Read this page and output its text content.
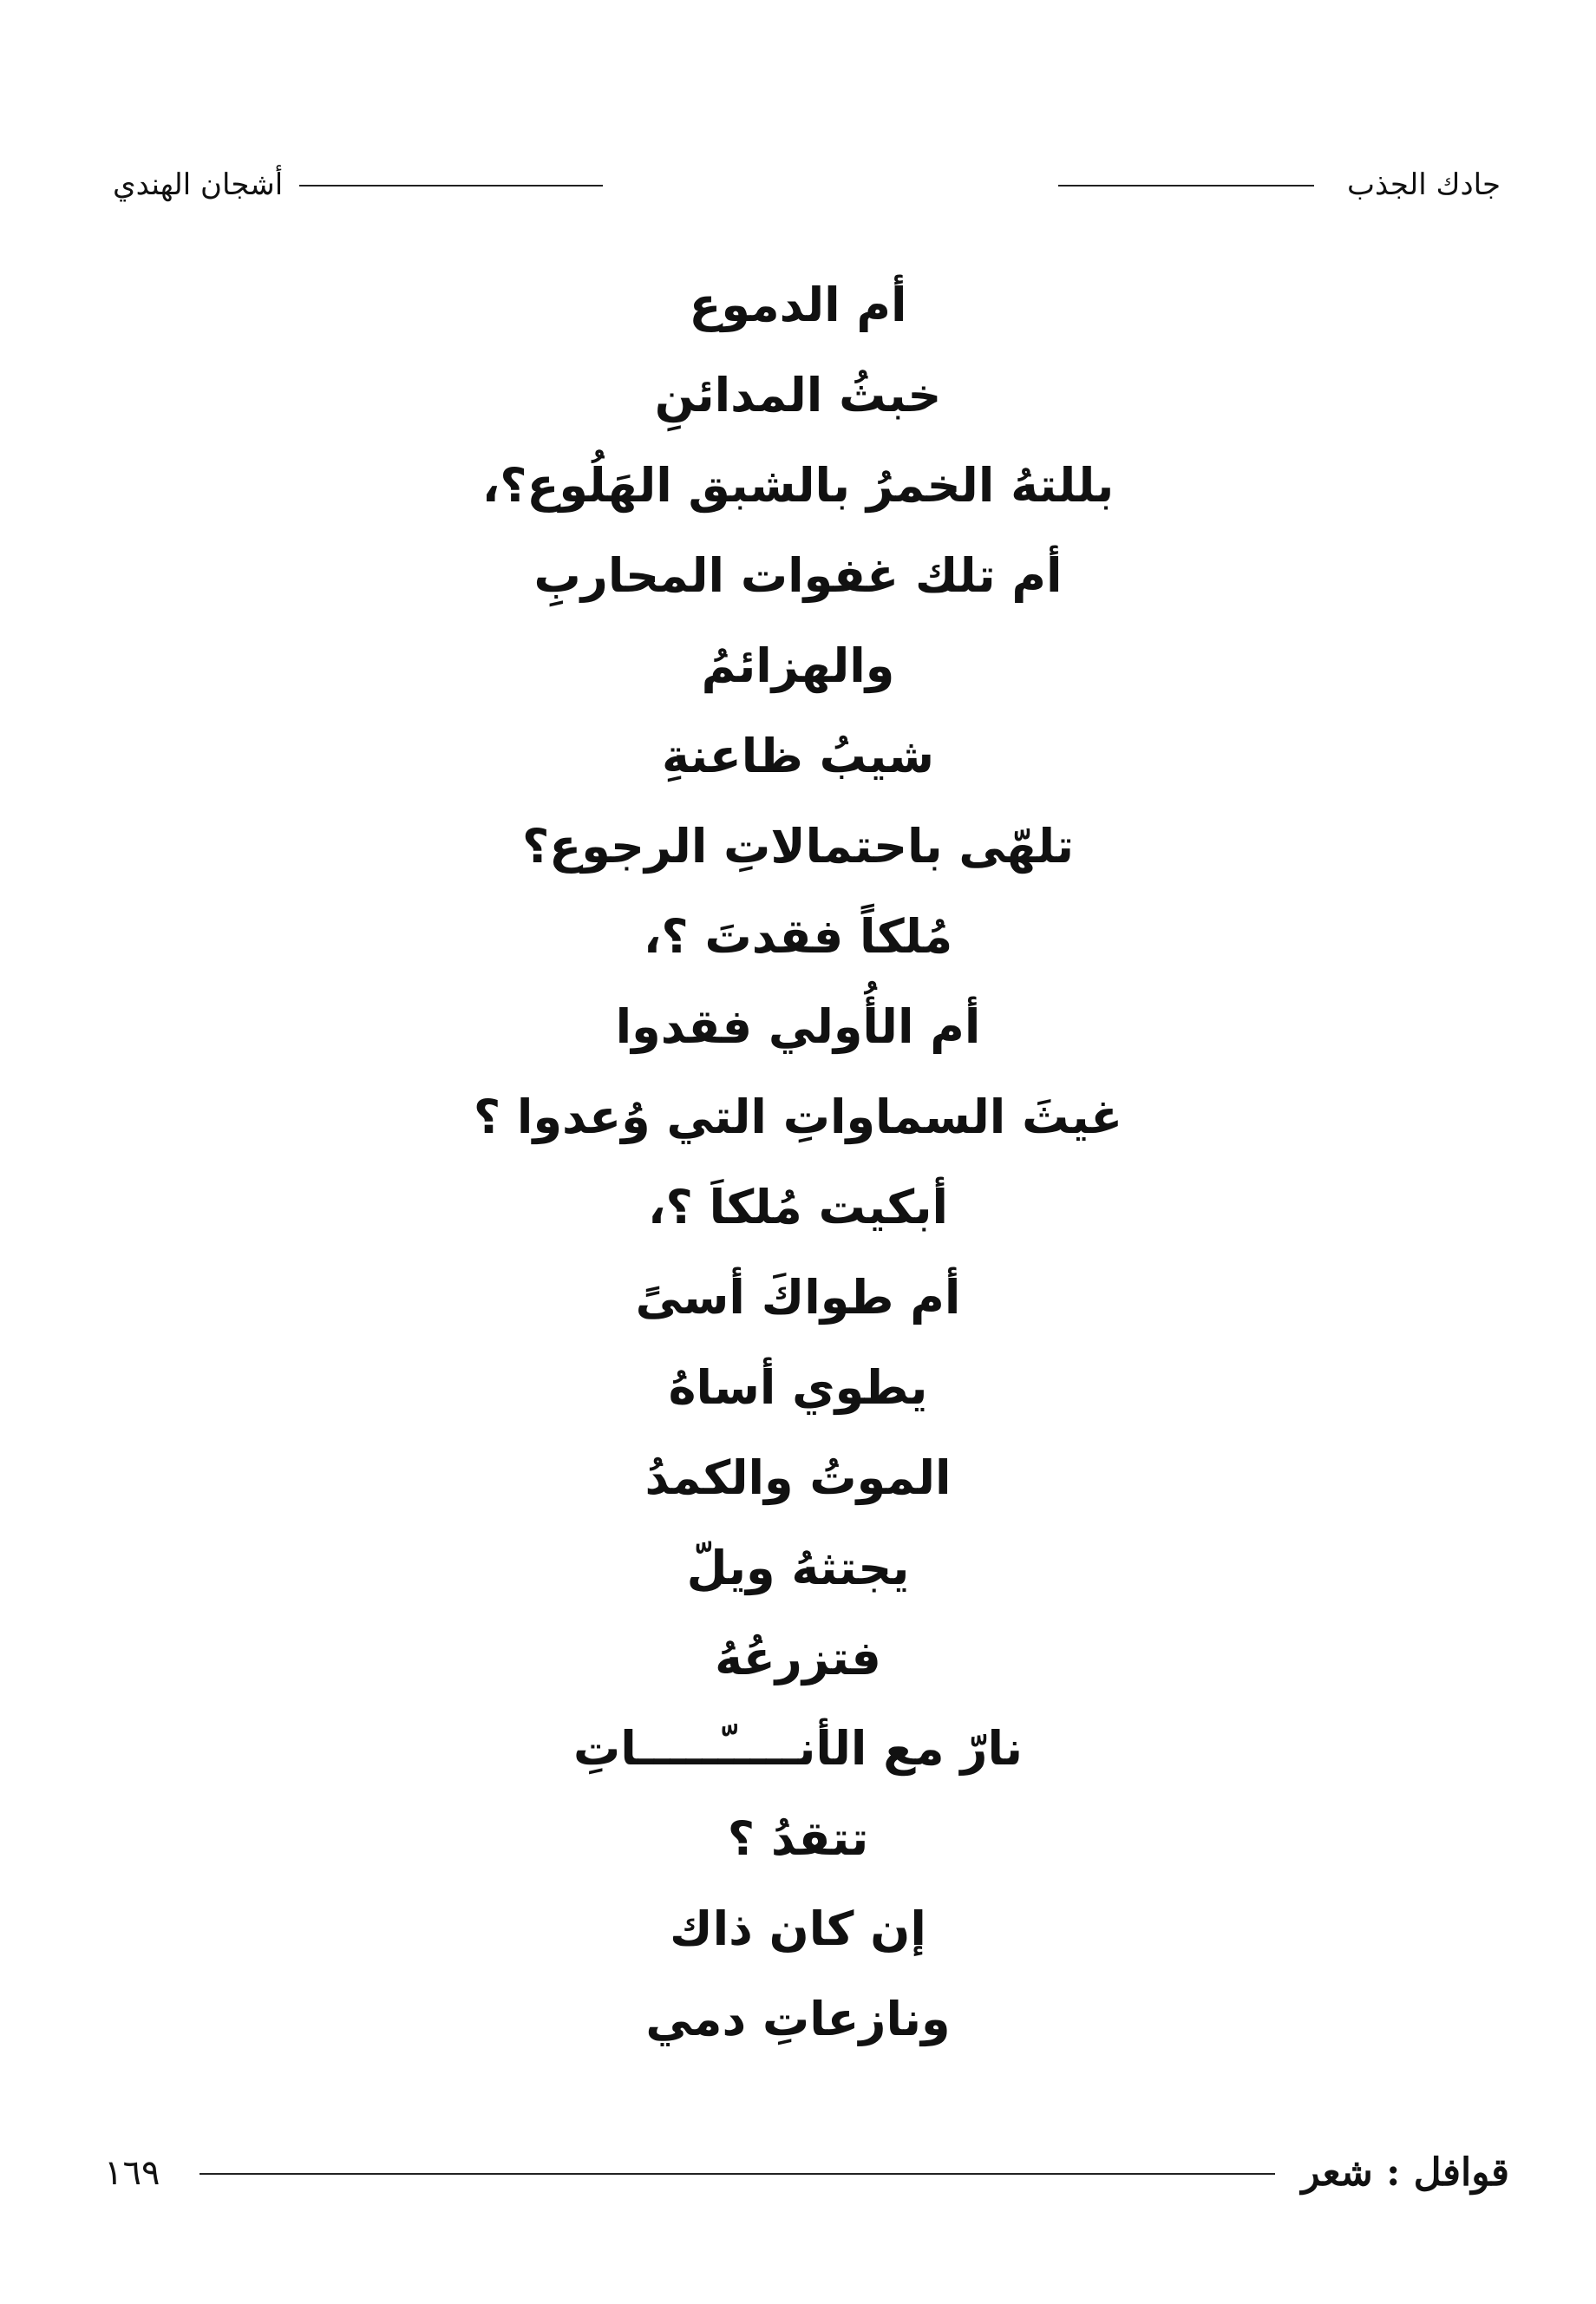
أشجان الهندي	جادك الجذب
أم الدموع
خبثُ المدائنِ
بللتهُ الخمرُ بالشبق الهَلُوع؟،
أم تلك غفوات المحاربِ
والهزائمُ
شيبُ ظاعنةِ
تلهّى باحتمالاتِ الرجوع؟
مُلكاً فقدتَ ؟،
أم الأُولي فقدوا
غيثَ السماواتِ التي وُعدوا ؟
أبكيت مُلكاَ ؟،
أم طواكَ أسىً
يطوي أساهُ
الموتُ والكمدُ
يجتثهُ ويلّ
فتزرعُهُ
نارّ مع الأنـــــّـــــاتِ
تتقدُ ؟
إن كان ذاك
ونازعاتِ دمي
١٦٩	قوافل : شعر
